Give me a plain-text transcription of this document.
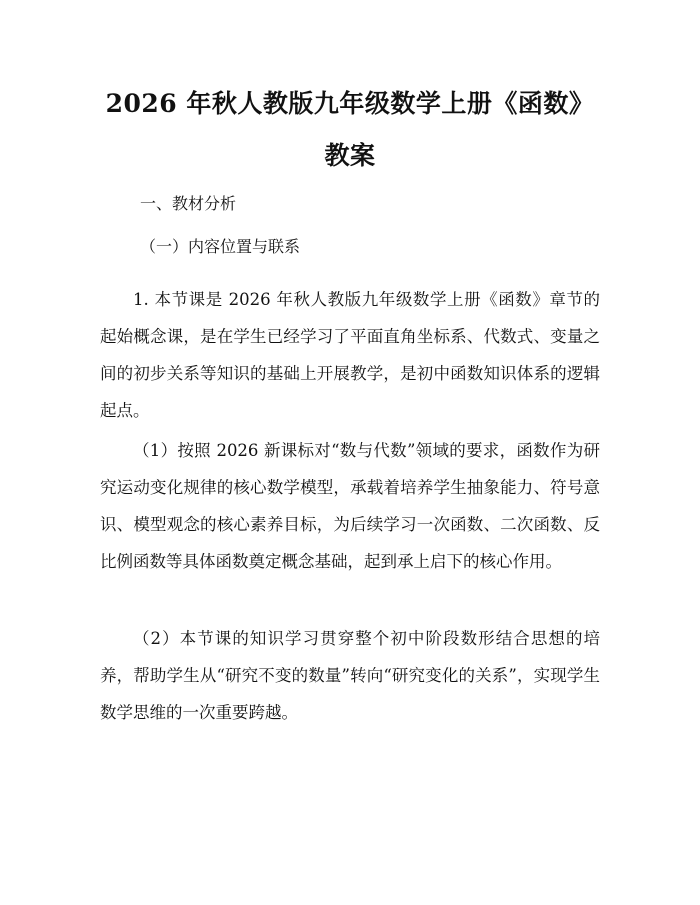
2026 年秋人教版九年级数学上册《函数》教案
一、教材分析
（一）内容位置与联系

1. 本节课是 2026 年秋人教版九年级数学上册《函数》章节的起始概念课，是在学生已经学习了平面直角坐标系、代数式、变量之间的初步关系等知识的基础上开展教学，是初中函数知识体系的逻辑起点。

（1）按照 2026 新课标对“数与代数”领域的要求，函数作为研究运动变化规律的核心数学模型，承载着培养学生抽象能力、符号意识、模型观念的核心素养目标，为后续学习一次函数、二次函数、反比例函数等具体函数奠定概念基础，起到承上启下的核心作用。

（2）本节课的知识学习贯穿整个初中阶段数形结合思想的培养，帮助学生从“研究不变的数量”转向“研究变化的关系”，实现学生数学思维的一次重要跨越。
